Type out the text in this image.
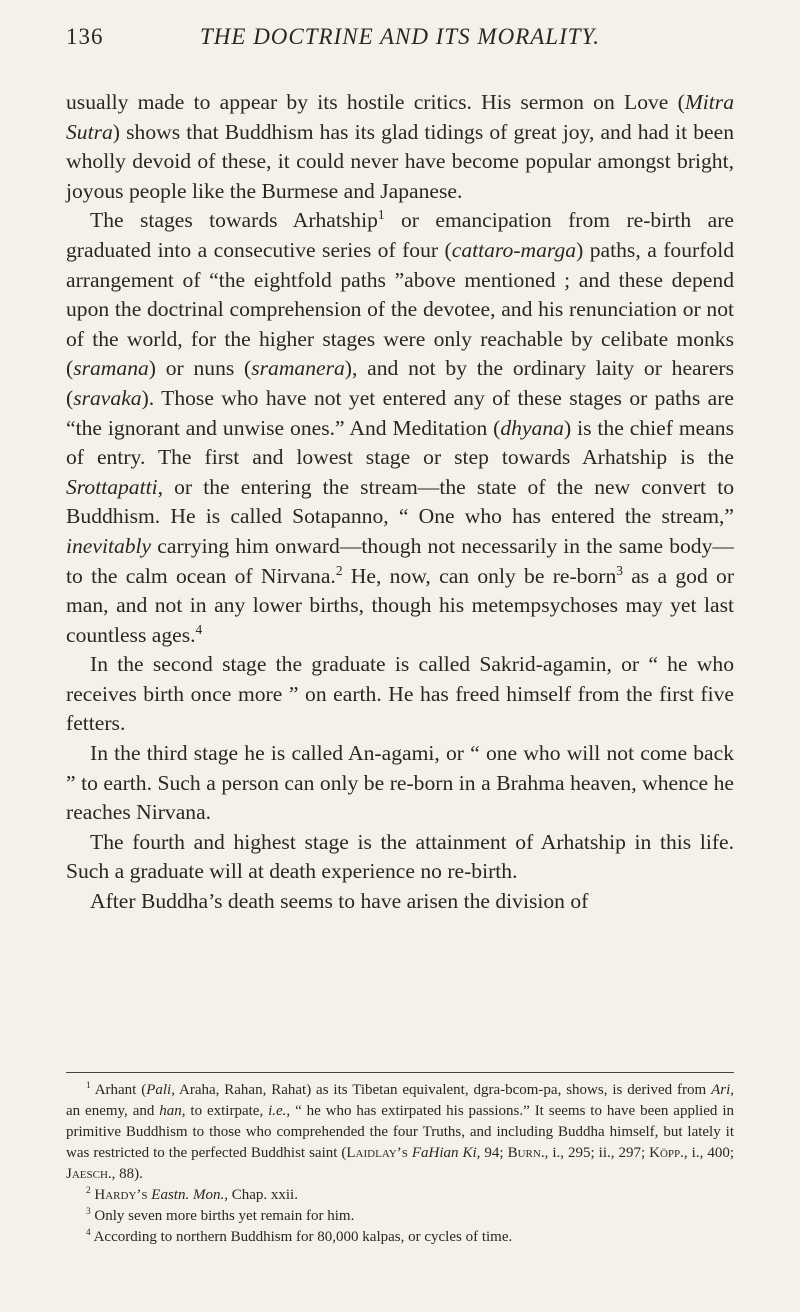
136	THE DOCTRINE AND ITS MORALITY.

usually made to appear by its hostile critics. His sermon on Love (Mitra Sutra) shows that Buddhism has its glad tidings of great joy, and had it been wholly devoid of these, it could never have become popular amongst bright, joyous people like the Burmese and Japanese.

The stages towards Arhatship$^1$ or emancipation from re-birth are graduated into a consecutive series of four (cattaro-marga) paths, a fourfold arrangement of “the eightfold paths ”above mentioned ; and these depend upon the doctrinal comprehension of the devotee, and his renunciation or not of the world, for the higher stages were only reachable by celibate monks (sramana) or nuns (sramanera), and not by the ordinary laity or hearers (sravaka). Those who have not yet entered any of these stages or paths are “the ignorant and unwise ones.” And Meditation (dhyana) is the chief means of entry. The first and lowest stage or step towards Arhatship is the Srottapatti, or the entering the stream—the state of the new convert to Buddhism. He is called Sotapanno, “ One who has entered the stream,” inevitably carrying him onward—though not necessarily in the same body—to the calm ocean of Nirvana.$^2$ He, now, can only be re-born$^3$ as a god or man, and not in any lower births, though his metempsychoses may yet last countless ages.$^4$

In the second stage the graduate is called Sakrid-agamin, or “ he who receives birth once more ” on earth. He has freed himself from the first five fetters.

In the third stage he is called An-agami, or “ one who will not come back ” to earth. Such a person can only be re-born in a Brahma heaven, whence he reaches Nirvana.

The fourth and highest stage is the attainment of Arhatship in this life. Such a graduate will at death experience no re-birth.

After Buddha’s death seems to have arisen the division of

$^1$ Arhant (Pali, Araha, Rahan, Rahat) as its Tibetan equivalent, dgra-bcom-pa, shows, is derived from Ari, an enemy, and han, to extirpate, i.e., “ he who has extirpated his passions.” It seems to have been applied in primitive Buddhism to those who comprehended the four Truths, and including Buddha himself, but lately it was restricted to the perfected Buddhist saint (Laidlay’s FaHian Ki, 94; Burn., i., 295; ii., 297; Köpp., i., 400; Jaesch., 88).

$^2$ Hardy’s Eastn. Mon., Chap. xxii.

$^3$ Only seven more births yet remain for him.

$^4$ According to northern Buddhism for 80,000 kalpas, or cycles of time.
